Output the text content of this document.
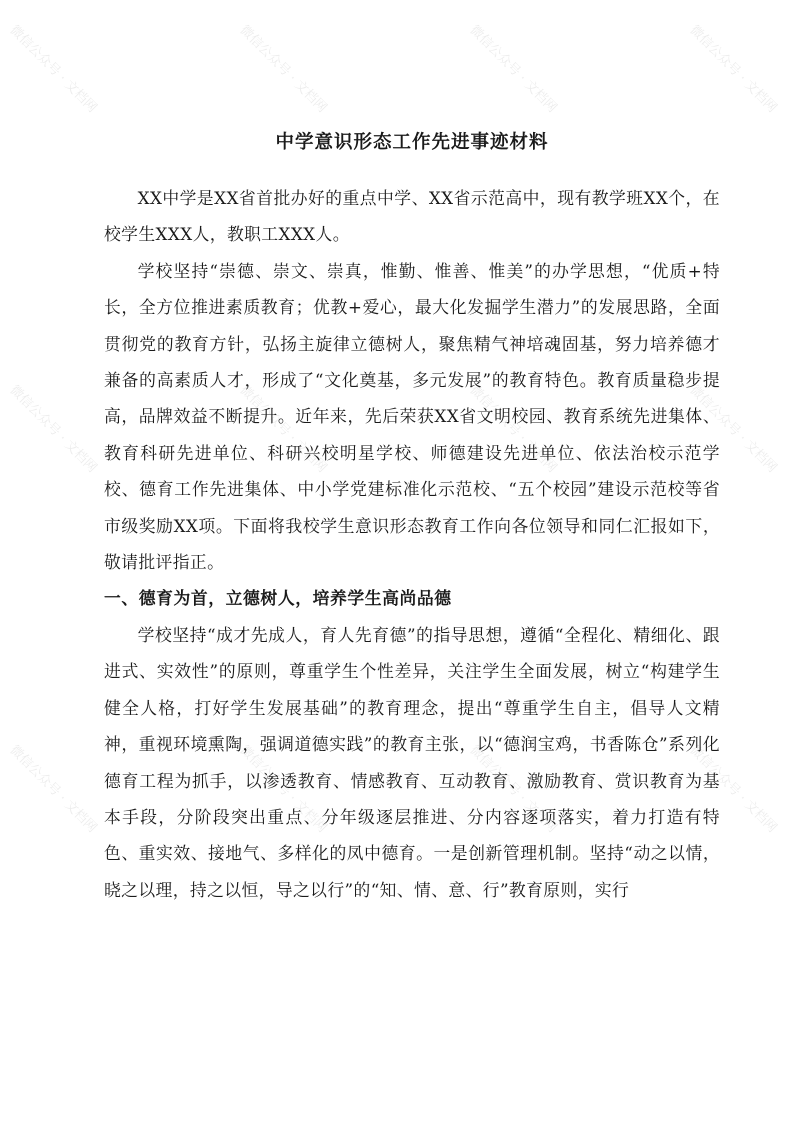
微信公众号 · 文档网	微信公众号 · 文档网	微信公众号 · 文档网	微信公众号 · 文档网
微信公众号 · 文档网	微信公众号 · 文档网	微信公众号 · 文档网	微信公众号 · 文档网
微信公众号 · 文档网	微信公众号 · 文档网	微信公众号 · 文档网	微信公众号 · 文档网
中学意识形态工作先进事迹材料

XX中学是XX省首批办好的重点中学、XX省示范高中，现有教学班XX个，在校学生XXX人，教职工XXX人。

学校坚持“崇德、崇文、崇真，惟勤、惟善、惟美”的办学思想，“优质+特长，全方位推进素质教育；优教+爱心，最大化发掘学生潜力”的发展思路，全面贯彻党的教育方针，弘扬主旋律立德树人，聚焦精气神培魂固基，努力培养德才兼备的高素质人才，形成了“文化奠基，多元发展”的教育特色。教育质量稳步提高，品牌效益不断提升。近年来，先后荣获XX省文明校园、教育系统先进集体、教育科研先进单位、科研兴校明星学校、师德建设先进单位、依法治校示范学校、德育工作先进集体、中小学党建标准化示范校、“五个校园”建设示范校等省市级奖励XX项。下面将我校学生意识形态教育工作向各位领导和同仁汇报如下，敬请批评指正。

一、德育为首，立德树人，培养学生高尚品德

学校坚持“成才先成人，育人先育德”的指导思想，遵循“全程化、精细化、跟进式、实效性”的原则，尊重学生个性差异，关注学生全面发展，树立“构建学生健全人格，打好学生发展基础”的教育理念，提出“尊重学生自主，倡导人文精神，重视环境熏陶，强调道德实践”的教育主张，以“德润宝鸡，书香陈仓”系列化德育工程为抓手，以渗透教育、情感教育、互动教育、激励教育、赏识教育为基本手段，分阶段突出重点、分年级逐层推进、分内容逐项落实，着力打造有特色、重实效、接地气、多样化的凤中德育。一是创新管理机制。坚持“动之以情，晓之以理，持之以恒，导之以行”的“知、情、意、行”教育原则，实行
